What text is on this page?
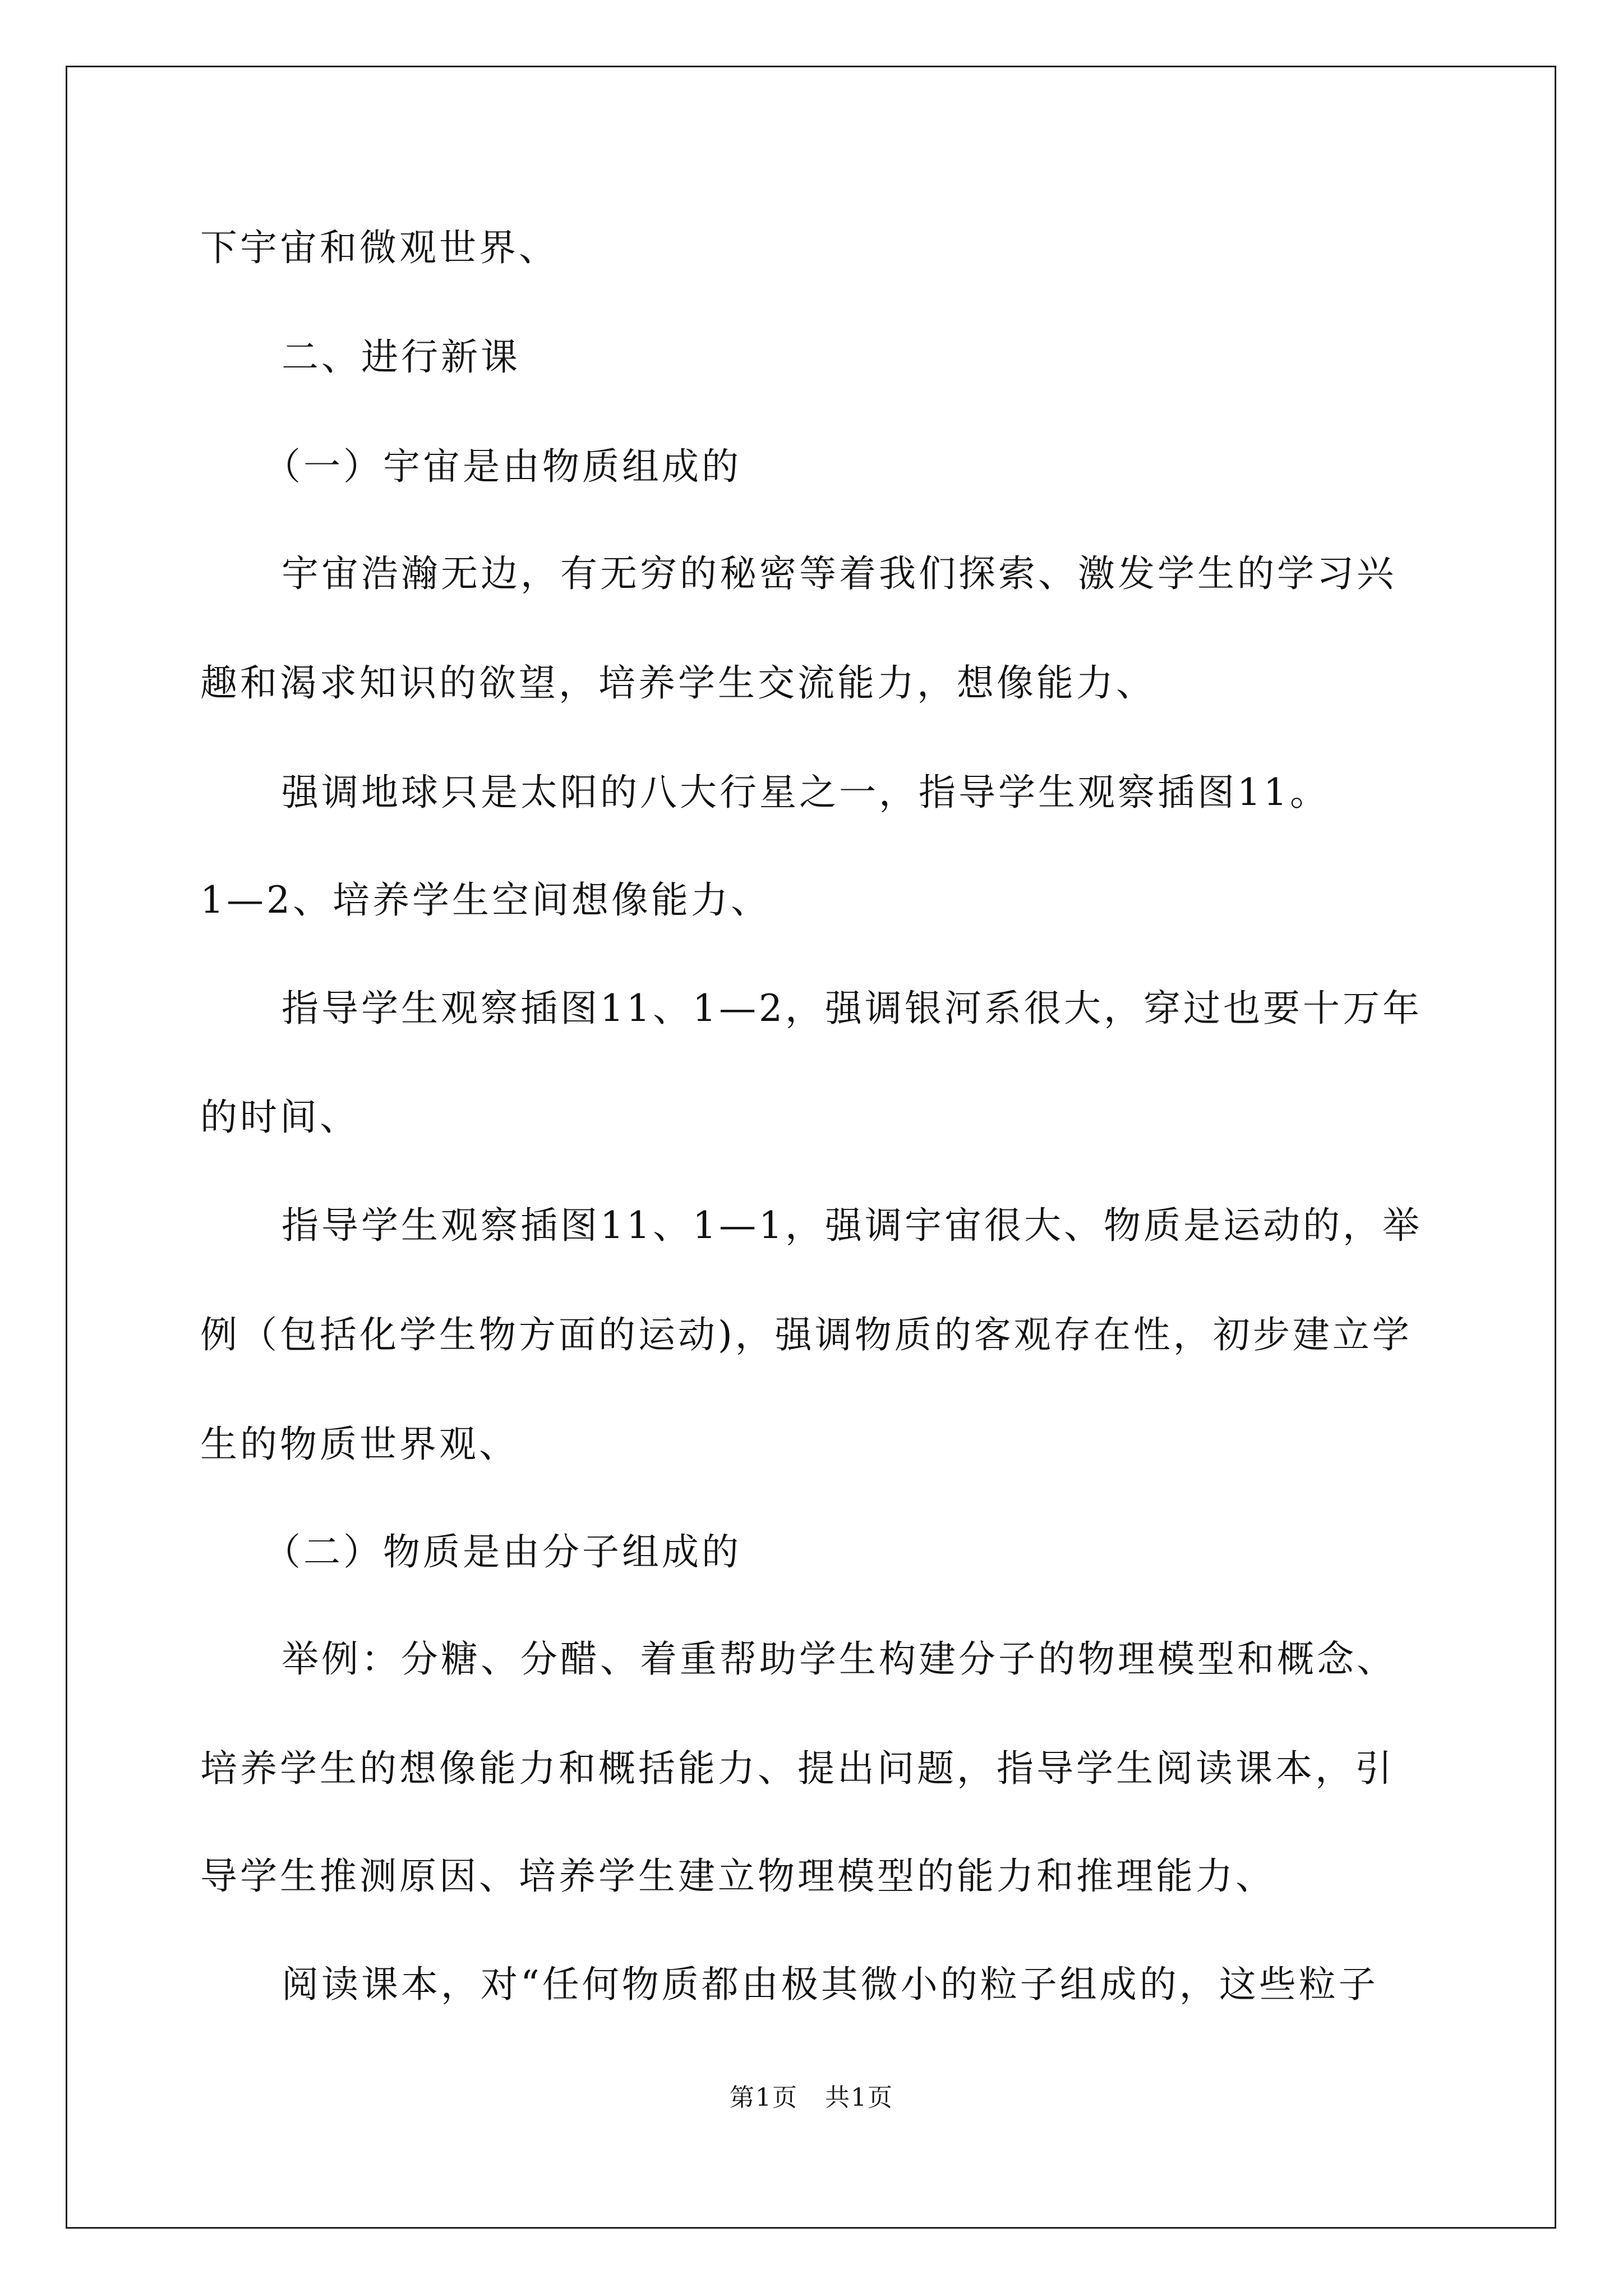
下宇宙和微观世界、
二、进行新课
（一）宇宙是由物质组成的
宇宙浩瀚无边，有无穷的秘密等着我们探索、激发学生的学习兴
趣和渴求知识的欲望，培养学生交流能力，想像能力、
强调地球只是太阳的八大行星之一，指导学生观察插图11。
1—2、培养学生空间想像能力、
指导学生观察插图11、1—2，强调银河系很大，穿过也要十万年
的时间、
指导学生观察插图11、1—1，强调宇宙很大、物质是运动的，举
例（包括化学生物方面的运动)，强调物质的客观存在性，初步建立学
生的物质世界观、
（二）物质是由分子组成的
举例：分糖、分醋、着重帮助学生构建分子的物理模型和概念、
培养学生的想像能力和概括能力、提出问题，指导学生阅读课本，引
导学生推测原因、培养学生建立物理模型的能力和推理能力、
阅读课本，对“任何物质都由极其微小的粒子组成的，这些粒子
第1页 共1页
